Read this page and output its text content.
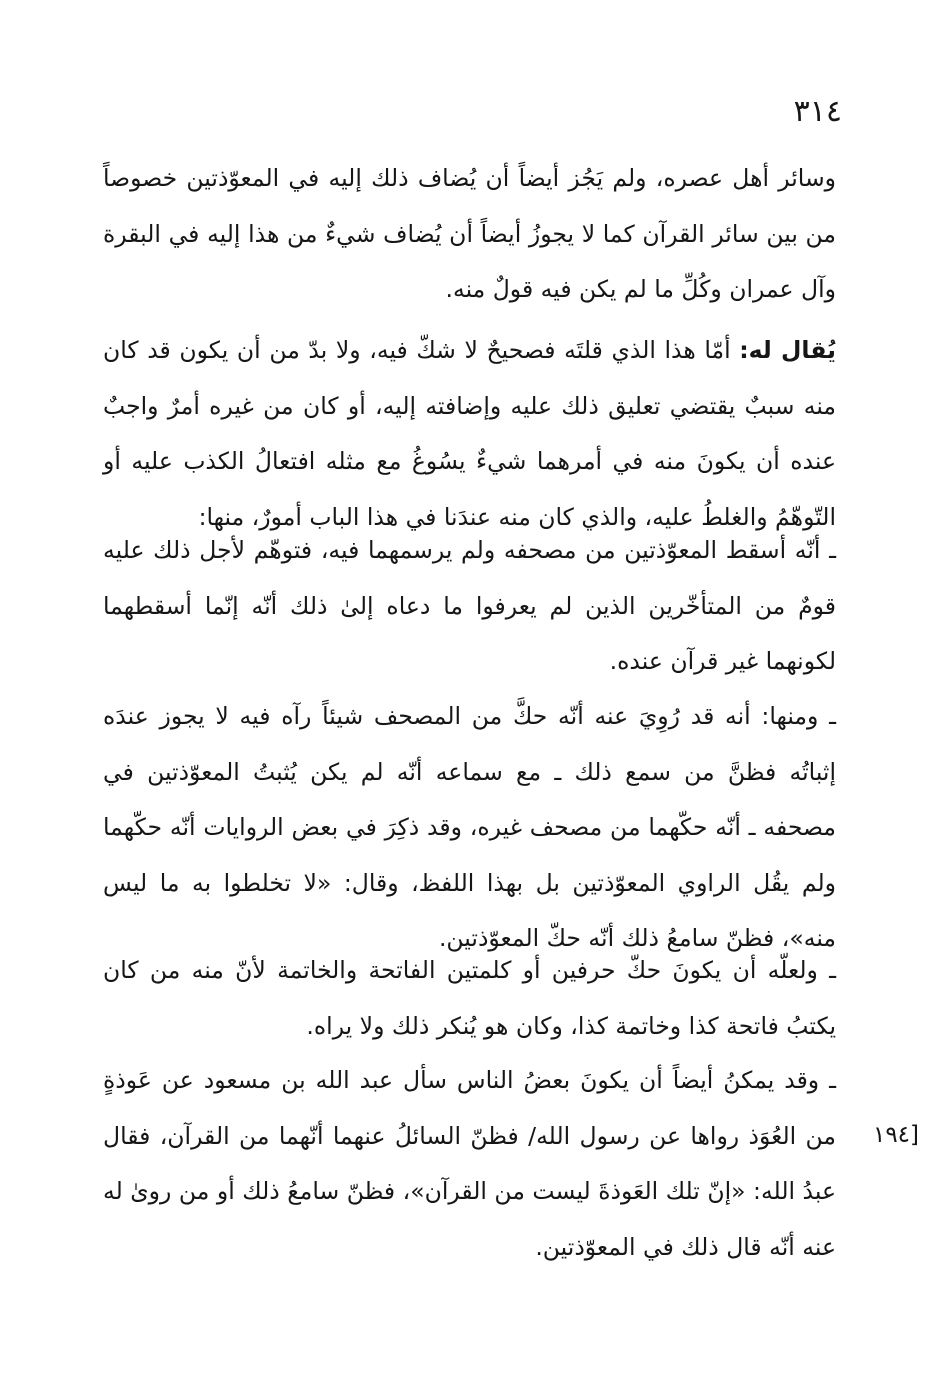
٣١٤
وسائر أهل عصره، ولم يَجُز أيضاً أن يُضاف ذلك إليه في المعوّذتين خصوصاً من بين سائر القرآن كما لا يجوزُ أيضاً أن يُضاف شيءٌ من هذا إليه في البقرة وآل عمران وكُلِّ ما لم يكن فيه قولٌ منه.
يُقال له: أمّا هذا الذي قلتَه فصحيحٌ لا شكّ فيه، ولا بدّ من أن يكون قد كان منه سببٌ يقتضي تعليق ذلك عليه وإضافته إليه، أو كان من غيره أمرٌ واجبٌ عنده أن يكونَ منه في أمرهما شيءٌ يسُوغُ مع مثله افتعالُ الكذب عليه أو التّوهّمُ والغلطُ عليه، والذي كان منه عندَنا في هذا الباب أمورٌ، منها:
ـ أنّه أسقط المعوّذتين من مصحفه ولم يرسمهما فيه، فتوهّم لأجل ذلك عليه قومٌ من المتأخّرين الذين لم يعرفوا ما دعاه إلىٰ ذلك أنّه إنّما أسقطهما لكونهما غير قرآن عنده.
ـ ومنها: أنه قد رُوِيَ عنه أنّه حكَّ من المصحف شيئاً رآه فيه لا يجوز عندَه إثباتُه فظنَّ من سمع ذلك ـ مع سماعه أنّه لم يكن يُثبتُ المعوّذتين في مصحفه ـ أنّه حكّهما من مصحف غيره، وقد ذكِرَ في بعض الروايات أنّه حكّهما ولم يقُل الراوي المعوّذتين بل بهذا اللفظ، وقال: «لا تخلطوا به ما ليس منه»، فظنّ سامعُ ذلك أنّه حكّ المعوّذتين.
ـ ولعلّه أن يكونَ حكّ حرفين أو كلمتين الفاتحة والخاتمة لأنّ منه من كان يكتبُ فاتحة كذا وخاتمة كذا، وكان هو يُنكر ذلك ولا يراه.
ـ وقد يمكنُ أيضاً أن يكونَ بعضُ الناس سأل عبد الله بن مسعود عن عَوذةٍ من العُوَذ رواها عن رسول الله/ فظنّ السائلُ عنهما أنّهما من القرآن، فقال عبدُ الله: «إنّ تلك العَوذةَ ليست من القرآن»، فظنّ سامعُ ذلك أو من روىٰ له عنه أنّه قال ذلك في المعوّذتين.
[١٩٤
